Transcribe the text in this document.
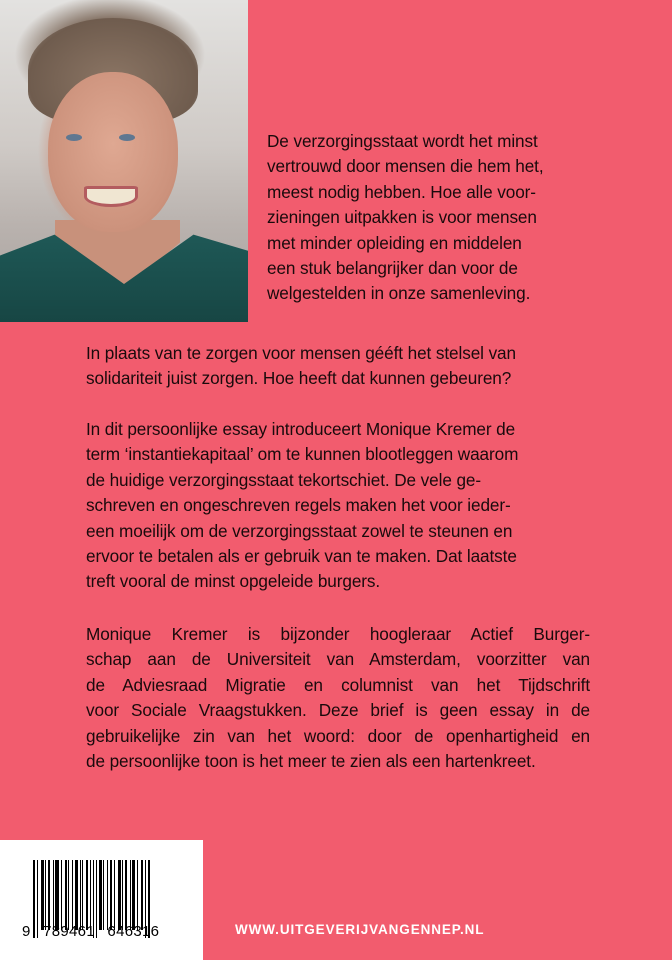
De verzorgingsstaat wordt het minst
vertrouwd door mensen die hem het,
meest nodig hebben. Hoe alle voor-
zieningen uitpakken is voor mensen
met minder opleiding en middelen
een stuk belangrijker dan voor de
welgestelden in onze samenleving.
In plaats van te zorgen voor mensen gééft het stelsel van
solidariteit juist zorgen. Hoe heeft dat kunnen gebeuren?
In dit persoonlijke essay introduceert Monique Kremer de
term ‘instantiekapitaal’ om te kunnen blootleggen waarom
de huidige verzorgingsstaat tekortschiet. De vele ge-
schreven en ongeschreven regels maken het voor ieder-
een moeilijk om de verzorgingsstaat zowel te steunen en
ervoor te betalen als er gebruik van te maken. Dat laatste
treft vooral de minst opgeleide burgers.
Monique Kremer is bijzonder hoogleraar Actief Burger-
schap aan de Universiteit van Amsterdam, voorzitter van
de Adviesraad Migratie en columnist van het Tijdschrift
voor Sociale Vraagstukken. Deze brief is geen essay in de
gebruikelijke zin van het woord: door de openhartigheid en
de persoonlijke toon is het meer te zien als een hartenkreet.
9 789461 646316	WWW.UITGEVERIJVANGENNEP.NL
